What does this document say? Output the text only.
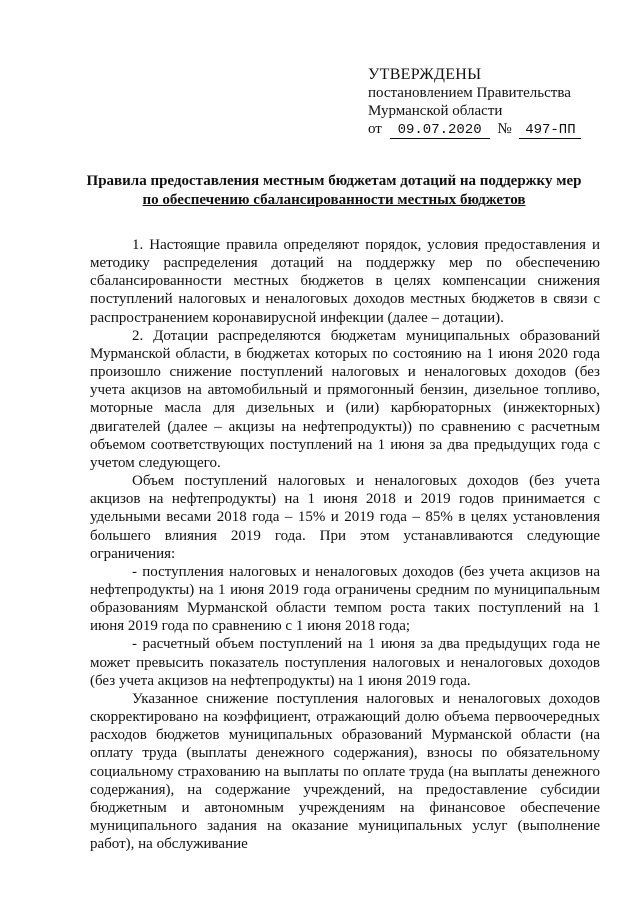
УТВЕРЖДЕНЫ
постановлением Правительства
Мурманской области
от 09.07.2020 № 497-ПП
Правила предоставления местным бюджетам дотаций на поддержку мер
по обеспечению сбалансированности местных бюджетов

1. Настоящие правила определяют порядок, условия предоставления и методику распределения дотаций на поддержку мер по обеспечению сбалансированности местных бюджетов в целях компенсации снижения поступлений налоговых и неналоговых доходов местных бюджетов в связи с распространением коронавирусной инфекции (далее – дотации).

2. Дотации распределяются бюджетам муниципальных образований Мурманской области, в бюджетах которых по состоянию на 1 июня 2020 года произошло снижение поступлений налоговых и неналоговых доходов (без учета акцизов на автомобильный и прямогонный бензин, дизельное топливо, моторные масла для дизельных и (или) карбюраторных (инжекторных) двигателей (далее – акцизы на нефтепродукты)) по сравнению с расчетным объемом соответствующих поступлений на 1 июня за два предыдущих года с учетом следующего.

Объем поступлений налоговых и неналоговых доходов (без учета акцизов на нефтепродукты) на 1 июня 2018 и 2019 годов принимается с удельными весами 2018 года – 15% и 2019 года – 85% в целях установления большего влияния 2019 года. При этом устанавливаются следующие ограничения:

- поступления налоговых и неналоговых доходов (без учета акцизов на нефтепродукты) на 1 июня 2019 года ограничены средним по муниципальным образованиям Мурманской области темпом роста таких поступлений на 1 июня 2019 года по сравнению с 1 июня 2018 года;

- расчетный объем поступлений на 1 июня за два предыдущих года не может превысить показатель поступления налоговых и неналоговых доходов (без учета акцизов на нефтепродукты) на 1 июня 2019 года.

Указанное снижение поступления налоговых и неналоговых доходов скорректировано на коэффициент, отражающий долю объема первоочередных расходов бюджетов муниципальных образований Мурманской области (на оплату труда (выплаты денежного содержания), взносы по обязательному социальному страхованию на выплаты по оплате труда (на выплаты денежного содержания), на содержание учреждений, на предоставление субсидии бюджетным и автономным учреждениям на финансовое обеспечение муниципального задания на оказание муниципальных услуг (выполнение работ), на обслуживание
